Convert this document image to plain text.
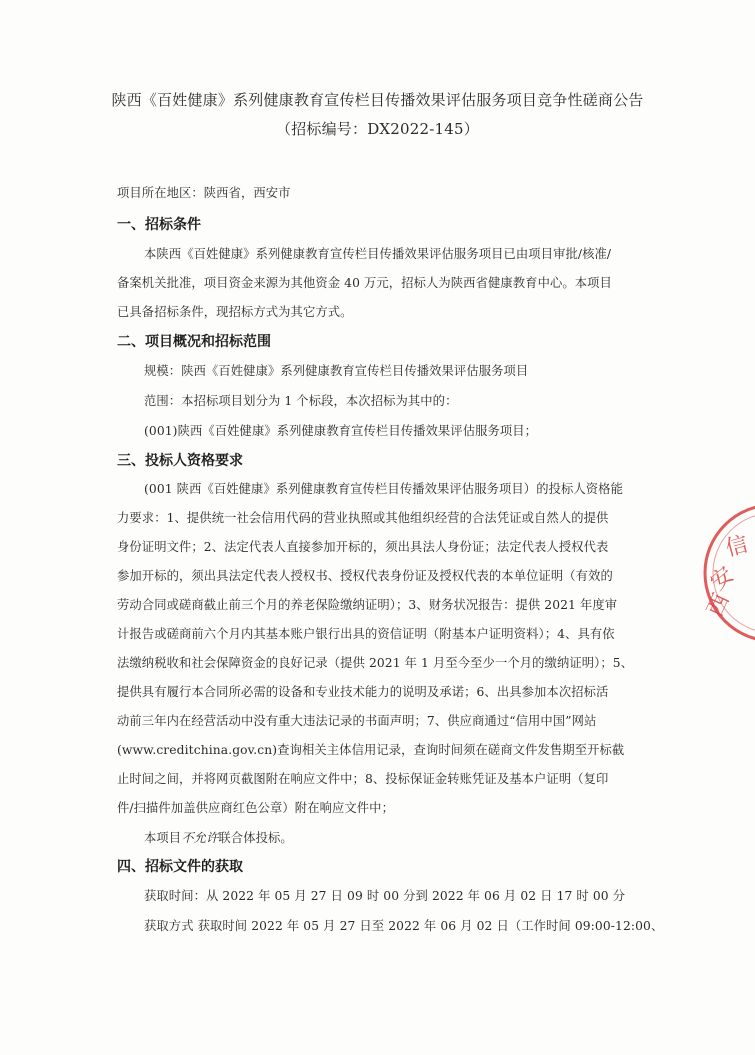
陕西《百姓健康》系列健康教育宣传栏目传播效果评估服务项目竞争性磋商公告
（招标编号：DX2022-145）
项目所在地区：陕西省，西安市
一、招标条件
本陕西《百姓健康》系列健康教育宣传栏目传播效果评估服务项目已由项目审批/核准/
备案机关批准，项目资金来源为其他资金 40 万元，招标人为陕西省健康教育中心。本项目
已具备招标条件，现招标方式为其它方式。
二、项目概况和招标范围
规模：陕西《百姓健康》系列健康教育宣传栏目传播效果评估服务项目
范围：本招标项目划分为 1 个标段，本次招标为其中的：
(001)陕西《百姓健康》系列健康教育宣传栏目传播效果评估服务项目；
三、投标人资格要求
(001 陕西《百姓健康》系列健康教育宣传栏目传播效果评估服务项目）的投标人资格能
力要求：1、提供统一社会信用代码的营业执照或其他组织经营的合法凭证或自然人的提供
身份证明文件；2、法定代表人直接参加开标的，须出具法人身份证；法定代表人授权代表
参加开标的，须出具法定代表人授权书、授权代表身份证及授权代表的本单位证明（有效的
劳动合同或磋商截止前三个月的养老保险缴纳证明）；3、财务状况报告：提供 2021 年度审
计报告或磋商前六个月内其基本账户银行出具的资信证明（附基本户证明资料）；4、具有依
法缴纳税收和社会保障资金的良好记录（提供 2021 年 1 月至今至少一个月的缴纳证明）；5、
提供具有履行本合同所必需的设备和专业技术能力的说明及承诺；6、出具参加本次招标活
动前三年内在经营活动中没有重大违法记录的书面声明；7、供应商通过“信用中国”网站
(www.creditchina.gov.cn)查询相关主体信用记录，查询时间须在磋商文件发售期至开标截
止时间之间，并将网页截图附在响应文件中；8、投标保证金转账凭证及基本户证明（复印
件/扫描件加盖供应商红色公章）附在响应文件中；
本项目不允许联合体投标。
四、招标文件的获取
获取时间：从 2022 年 05 月 27 日 09 时 00 分到 2022 年 06 月 02 日 17 时 00 分
获取方式 获取时间 2022 年 05 月 27 日至 2022 年 06 月 02 日（工作时间 09:00-12:00、
西
安
信
